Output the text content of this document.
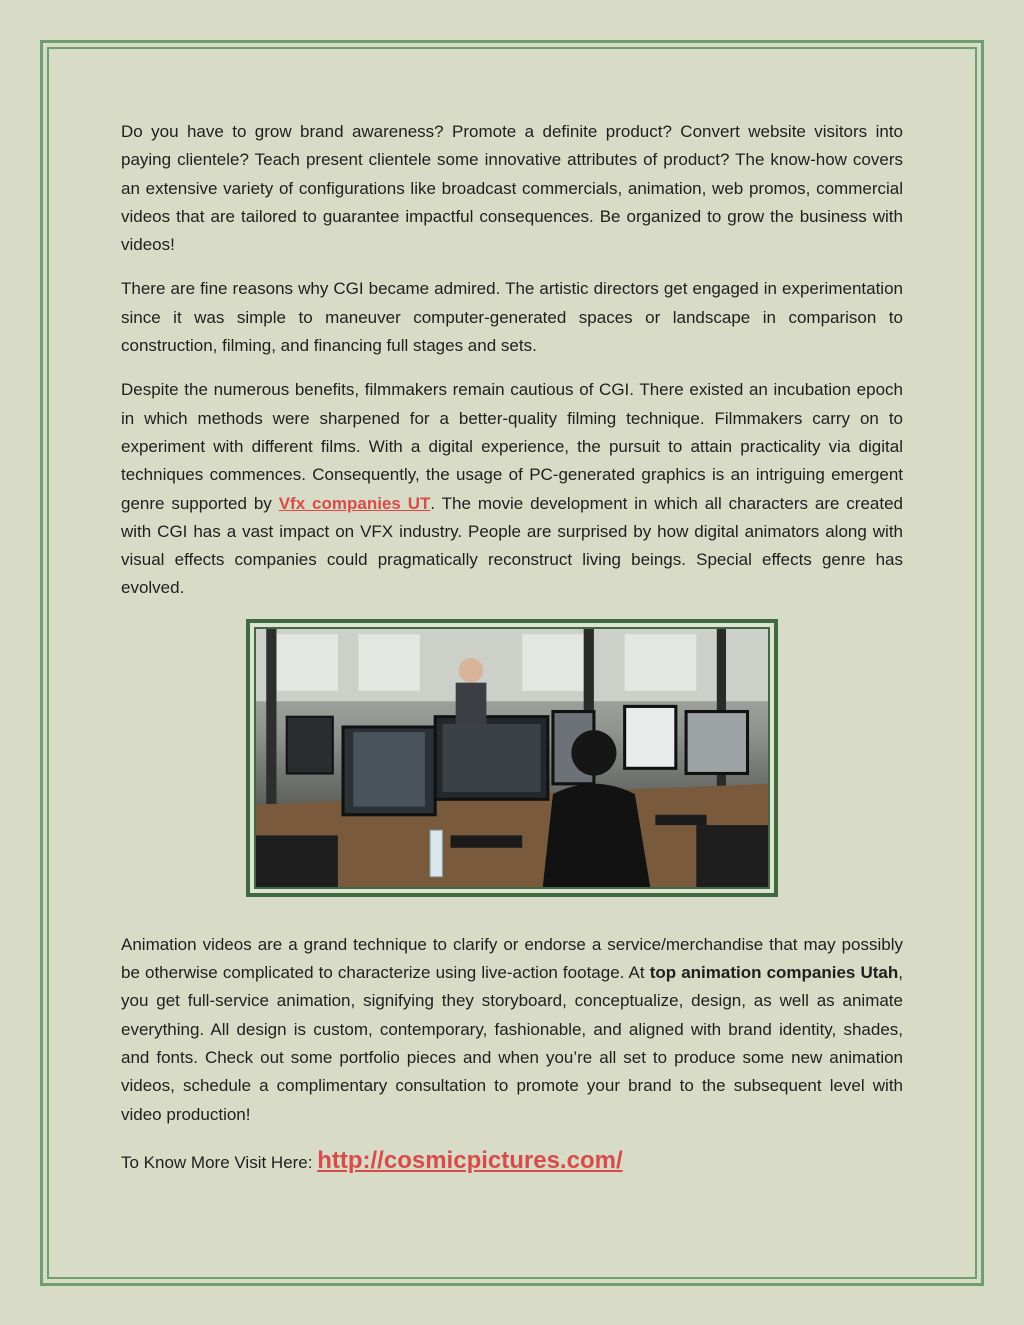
Do you have to grow brand awareness? Promote a definite product? Convert website visitors into paying clientele? Teach present clientele some innovative attributes of product? The know-how covers an extensive variety of configurations like broadcast commercials, animation, web promos, commercial videos that are tailored to guarantee impactful consequences. Be organized to grow the business with videos!

There are fine reasons why CGI became admired. The artistic directors get engaged in experimentation since it was simple to maneuver computer-generated spaces or landscape in comparison to construction, filming, and financing full stages and sets.

Despite the numerous benefits, filmmakers remain cautious of CGI. There existed an incubation epoch in which methods were sharpened for a better-quality filming technique. Filmmakers carry on to experiment with different films. With a digital experience, the pursuit to attain practicality via digital techniques commences. Consequently, the usage of PC-generated graphics is an intriguing emergent genre supported by Vfx companies UT. The movie development in which all characters are created with CGI has a vast impact on VFX industry. People are surprised by how digital animators along with visual effects companies could pragmatically reconstruct living beings. Special effects genre has evolved.

Animation videos are a grand technique to clarify or endorse a service/merchandise that may possibly be otherwise complicated to characterize using live-action footage. At top animation companies Utah, you get full-service animation, signifying they storyboard, conceptualize, design, as well as animate everything. All design is custom, contemporary, fashionable, and aligned with brand identity, shades, and fonts. Check out some portfolio pieces and when you’re all set to produce some new animation videos, schedule a complimentary consultation to promote your brand to the subsequent level with video production!

To Know More Visit Here: http://cosmicpictures.com/
